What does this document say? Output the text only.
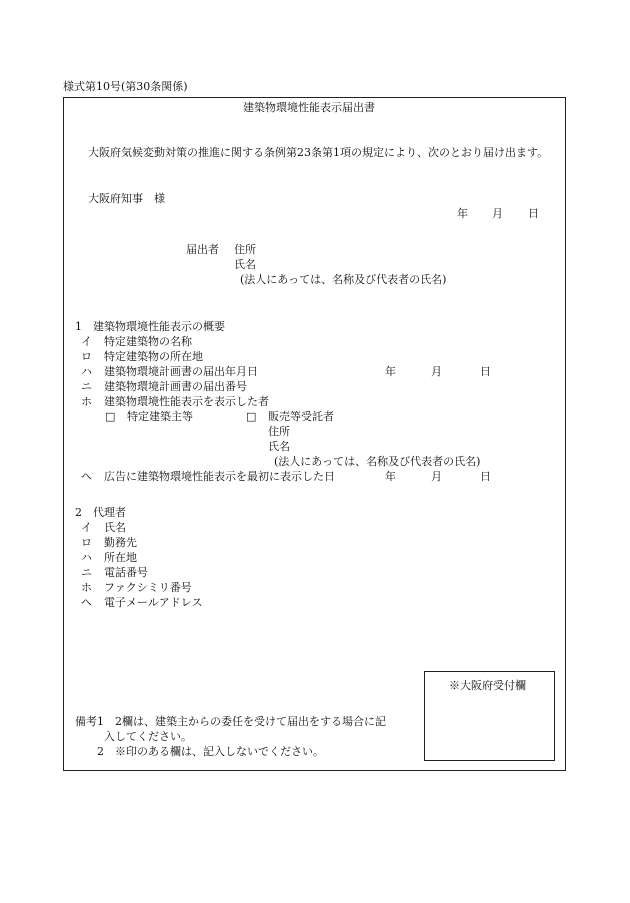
様式第10号(第30条関係)
建築物環境性能表示届出書
大阪府気候変動対策の推進に関する条例第23条第1項の規定により、次のとおり届け出ます。
大阪府知事　様
年 月 日
届出者 住所
氏名
(法人にあっては、名称及び代表者の氏名)
1　建築物環境性能表示の概要
イ 特定建築物の名称
ロ 特定建築物の所在地
ハ 建築物環境計画書の届出年月日	年	月	日
ニ 建築物環境計画書の届出番号
ホ 建築物環境性能表示を表示した者
□ 特定建築主等	□ 販売等受託者
住所
氏名
(法人にあっては、名称及び代表者の氏名)
ヘ 広告に建築物環境性能表示を最初に表示した日	年	月	日
2　代理者
イ 氏名
ロ 勤務先
ハ 所在地
ニ 電話番号
ホ ファクシミリ番号
ヘ 電子メールアドレス
※大阪府受付欄
備考1　2欄は、建築主からの委任を受けて届出をする場合に記
入してください。
2　※印のある欄は、記入しないでください。
